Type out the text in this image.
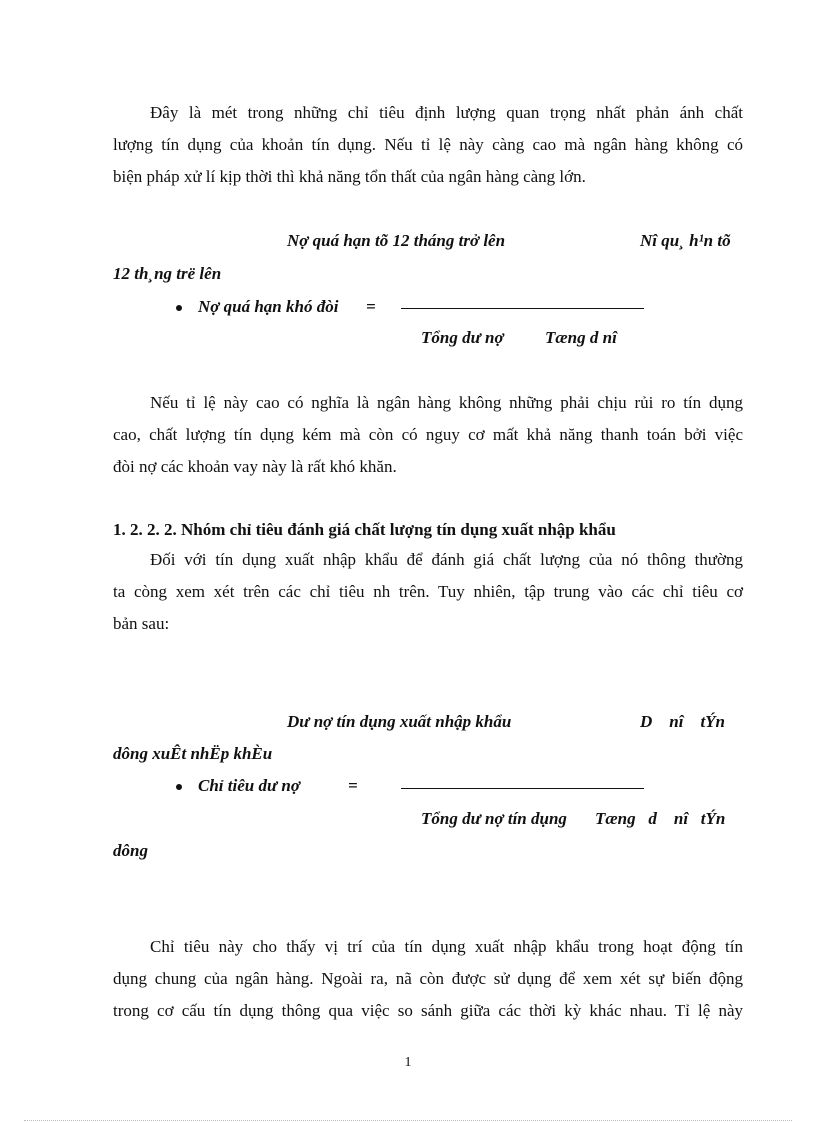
Đây là mét trong những chỉ tiêu định lượng quan trọng nhất phản ánh chất
lượng tín dụng của khoản tín dụng. Nếu tỉ lệ này càng cao mà ngân hàng không có
biện pháp xử lí kịp thời thì khả năng tổn thất của ngân hàng càng lớn.
Nợ quá hạn tõ 12 tháng trở lên	Nî qu¸ h¹n tõ
12 th¸ng trë lên
Nợ quá hạn khó đòi =
Tổng dư nợ Tæng d nî
Nếu tỉ lệ này cao có nghĩa là ngân hàng không những phải chịu rủi ro tín dụng
cao, chất lượng tín dụng kém mà còn có nguy cơ mất khả năng thanh toán bởi việc
đòi nợ các khoản vay này là rất khó khăn.
1. 2. 2. 2. Nhóm chỉ tiêu đánh giá chất lượng tín dụng xuất nhập khẩu
Đối với tín dụng xuất nhập khẩu để đánh giá chất lượng của nó thông thường
ta còng xem xét trên các chỉ tiêu nh trên. Tuy nhiên, tập trung vào các chỉ tiêu cơ
bản sau:
Dư nợ tín dụng xuất nhập khẩu	D    nî    tÝn
dông xuÊt nhËp khÈu
Chỉ tiêu dư nợ	=
Tổng dư nợ tín dụng Tæng   d    nî   tÝn
dông
Chỉ tiêu này cho thấy vị trí của tín dụng xuất nhập khẩu trong hoạt động tín
dụng chung của ngân hàng. Ngoài ra, nã còn được sử dụng để xem xét sự biến động
trong cơ cấu tín dụng thông qua việc so sánh giữa các thời kỳ khác nhau. Tỉ lệ này
1
